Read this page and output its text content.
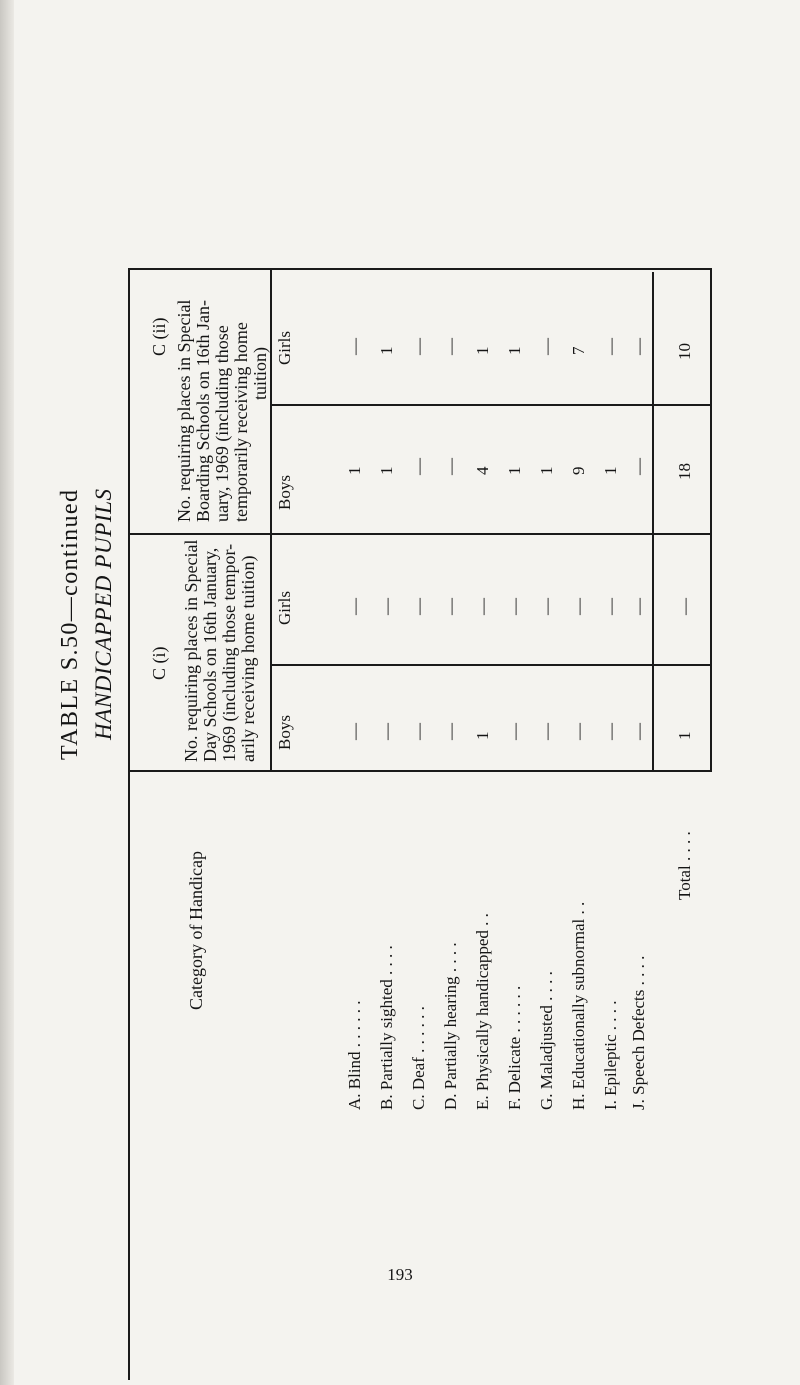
TABLE S.50—continued HANDICAPPED PUPILS
C (ii) No. requiring places in Special Boarding Schools on 16th Jan- uary, 1969 (including those temporarily receiving home tuition) Girls
Boys
C (i) No. requiring places in Special Day Schools on 16th January, 1969 (including those tempor- arily receiving home tuition) Girls
Boys
Category of Handicap
A. Blind . . . . . .
—
—
1
—
B. Partially sighted . . . .
—
—
1
1
C. Deaf . . . . . .
—
—
—
—
D. Partially hearing . . . .
—
—
—
—
E. Physically handicapped . .
1
—
4
1
F. Delicate . . . . . .
—
—
1
1
G. Maladjusted . . . .
—
—
1
—
H. Educationally subnormal . .
—
—
9
7
I. Epileptic . . . .
—
—
1
—
J. Speech Defects . . . .
—
—
—
—
Total . . . .
1
—
18
10
193
